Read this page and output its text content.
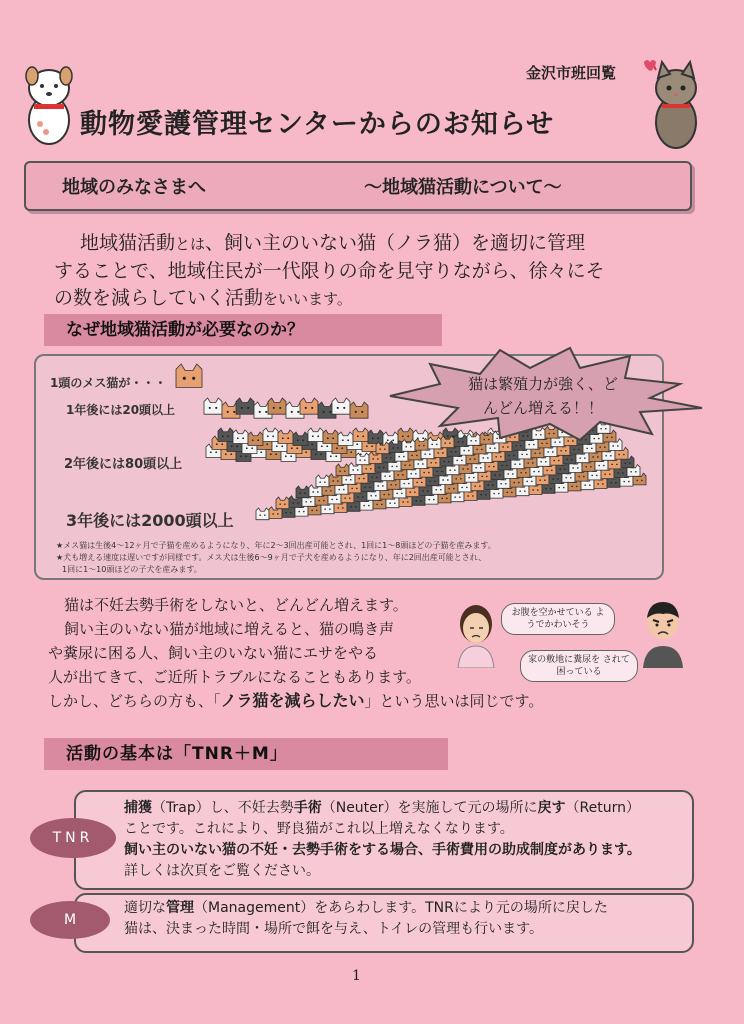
金沢市班回覧
動物愛護管理センターからのお知らせ
地域のみなさまへ	～地域猫活動について～
地域猫活動とは、飼い主のいない猫（ノラ猫）を適切に管理
することで、地域住民が一代限りの命を見守りながら、徐々にそ
の数を減らしていく活動をいいます。
なぜ地域猫活動が必要なのか？
1頭のメス猫が・・・
1年後には20頭以上
2年後には80頭以上
3年後には2000頭以上
猫は繁殖力が強く、どんどん増える！！
★メス猫は生後4～12ヶ月で子猫を産めるようになり、年に2～3回出産可能とされ、1回に1～8頭ほどの子猫を産みます。
★犬も増える速度は遅いですが同様です。メス犬は生後6～9ヶ月で子犬を産めるようになり、年に2回出産可能とされ、
1回に1～10頭ほどの子犬を産みます。
猫は不妊去勢手術をしないと、どんどん増えます。
飼い主のいない猫が地域に増えると、猫の鳴き声
や糞尿に困る人、飼い主のいない猫にエサをやる
人が出てきて、ご近所トラブルになることもあります。
しかし、どちらの方も、「ノラ猫を減らしたい」という思いは同じです。
お腹を空かせている ようでかわいそう
家の敷地に糞尿を されて困っている
活動の基本は「TNR＋M」
TNR
捕獲（Trap）し、不妊去勢手術（Neuter）を実施して元の場所に戻す（Return）
ことです。これにより、野良猫がこれ以上増えなくなります。
飼い主のいない猫の不妊・去勢手術をする場合、手術費用の助成制度があります。
詳しくは次頁をご覧ください。
M
適切な管理（Management）をあらわします。TNRにより元の場所に戻した
猫は、決まった時間・場所で餌を与え、トイレの管理も行います。
1
